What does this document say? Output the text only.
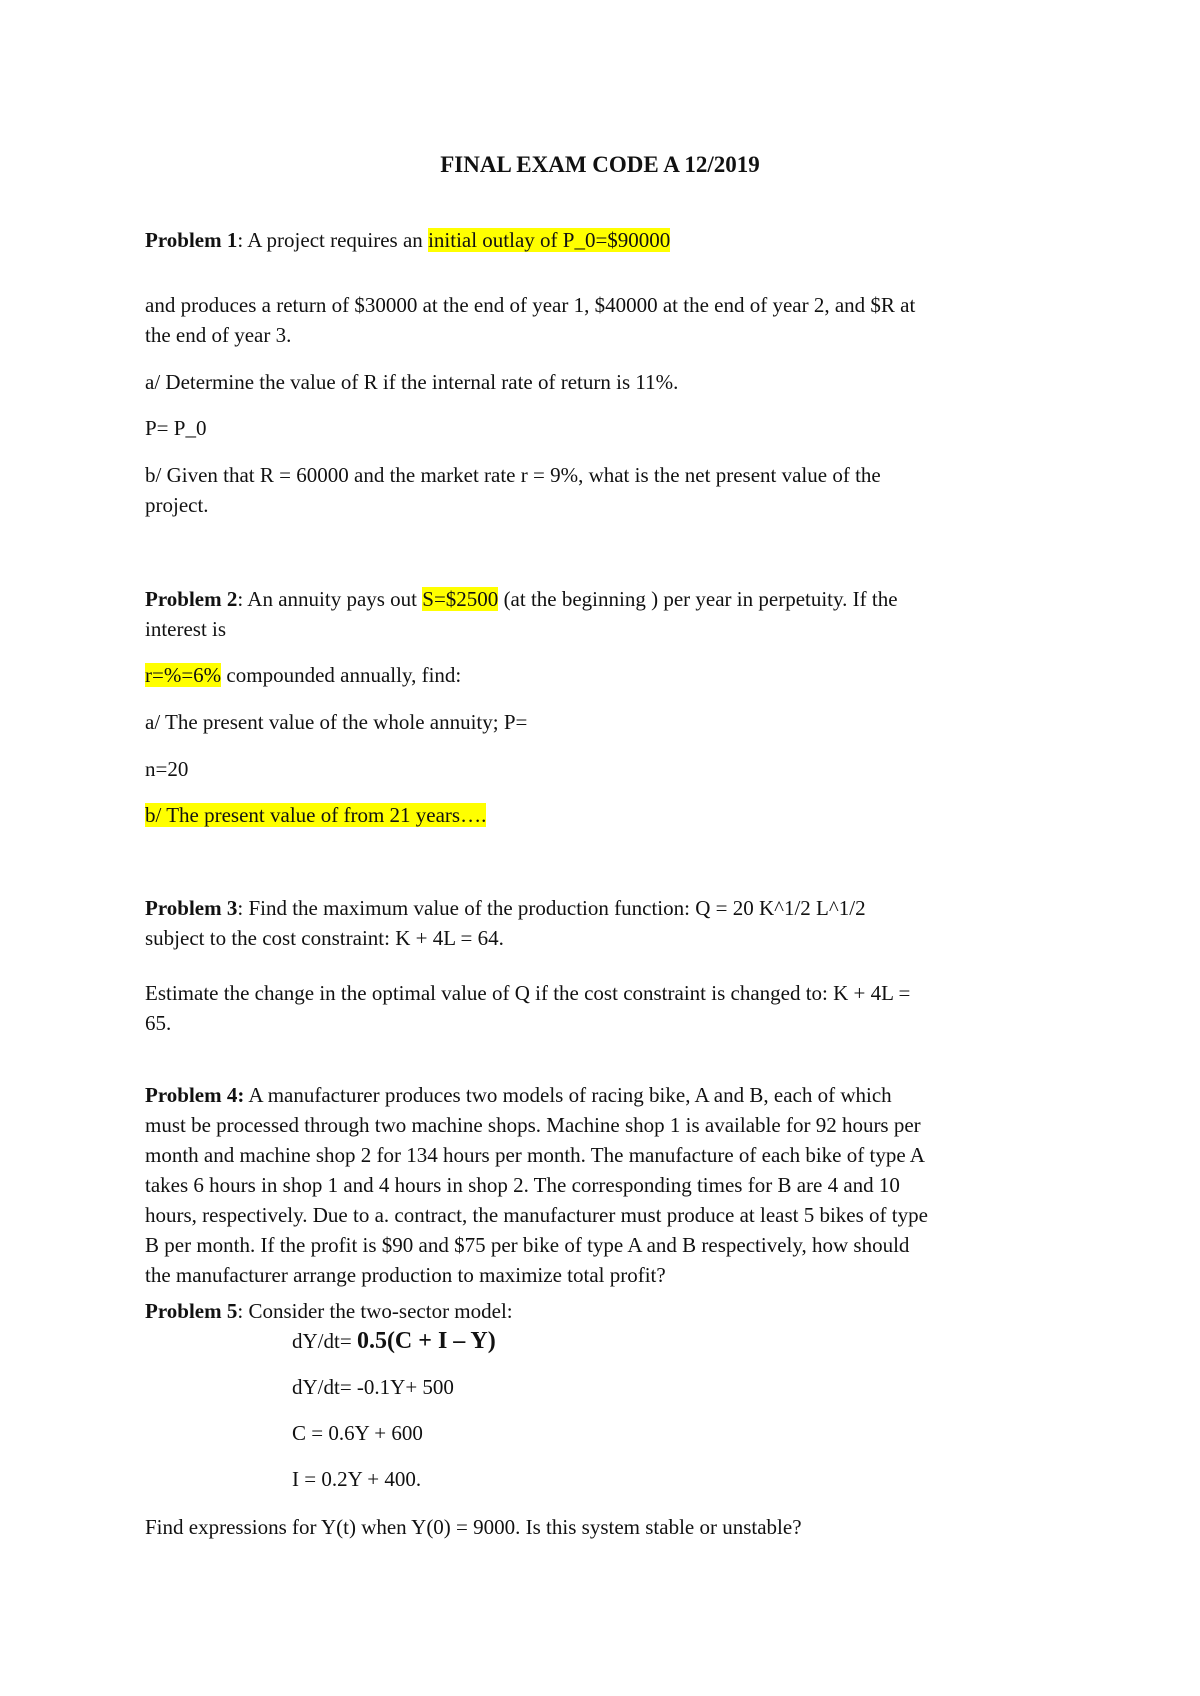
FINAL EXAM CODE A 12/2019
Problem 1: A project requires an initial outlay of P_0=$90000
and produces a return of $30000 at the end of year 1, $40000 at the end of year 2, and $R at
the end of year 3.
a/ Determine the value of R if the internal rate of return is 11%.
P= P_0
b/ Given that R = 60000 and the market rate r = 9%, what is the net present value of the
project.
Problem 2: An annuity pays out S=$2500 (at the beginning ) per year in perpetuity. If the
interest is
r=%=6% compounded annually, find:
a/ The present value of the whole annuity; P=
n=20
b/ The present value of from 21 years….
Problem 3: Find the maximum value of the production function: Q = 20 K^1/2 L^1/2
subject to the cost constraint: K + 4L = 64.
Estimate the change in the optimal value of Q if the cost constraint is changed to: K + 4L =
65.
Problem 4: A manufacturer produces two models of racing bike, A and B, each of which
must be processed through two machine shops. Machine shop 1 is available for 92 hours per
month and machine shop 2 for 134 hours per month. The manufacture of each bike of type A
takes 6 hours in shop 1 and 4 hours in shop 2. The corresponding times for B are 4 and 10
hours, respectively. Due to a. contract, the manufacturer must produce at least 5 bikes of type
B per month. If the profit is $90 and $75 per bike of type A and B respectively, how should
the manufacturer arrange production to maximize total profit?
Problem 5: Consider the two-sector model:
dY/dt= 0.5(C + I – Y)
dY/dt= -0.1Y+ 500
C = 0.6Y + 600
I = 0.2Y + 400.
Find expressions for Y(t) when Y(0) = 9000. Is this system stable or unstable?
